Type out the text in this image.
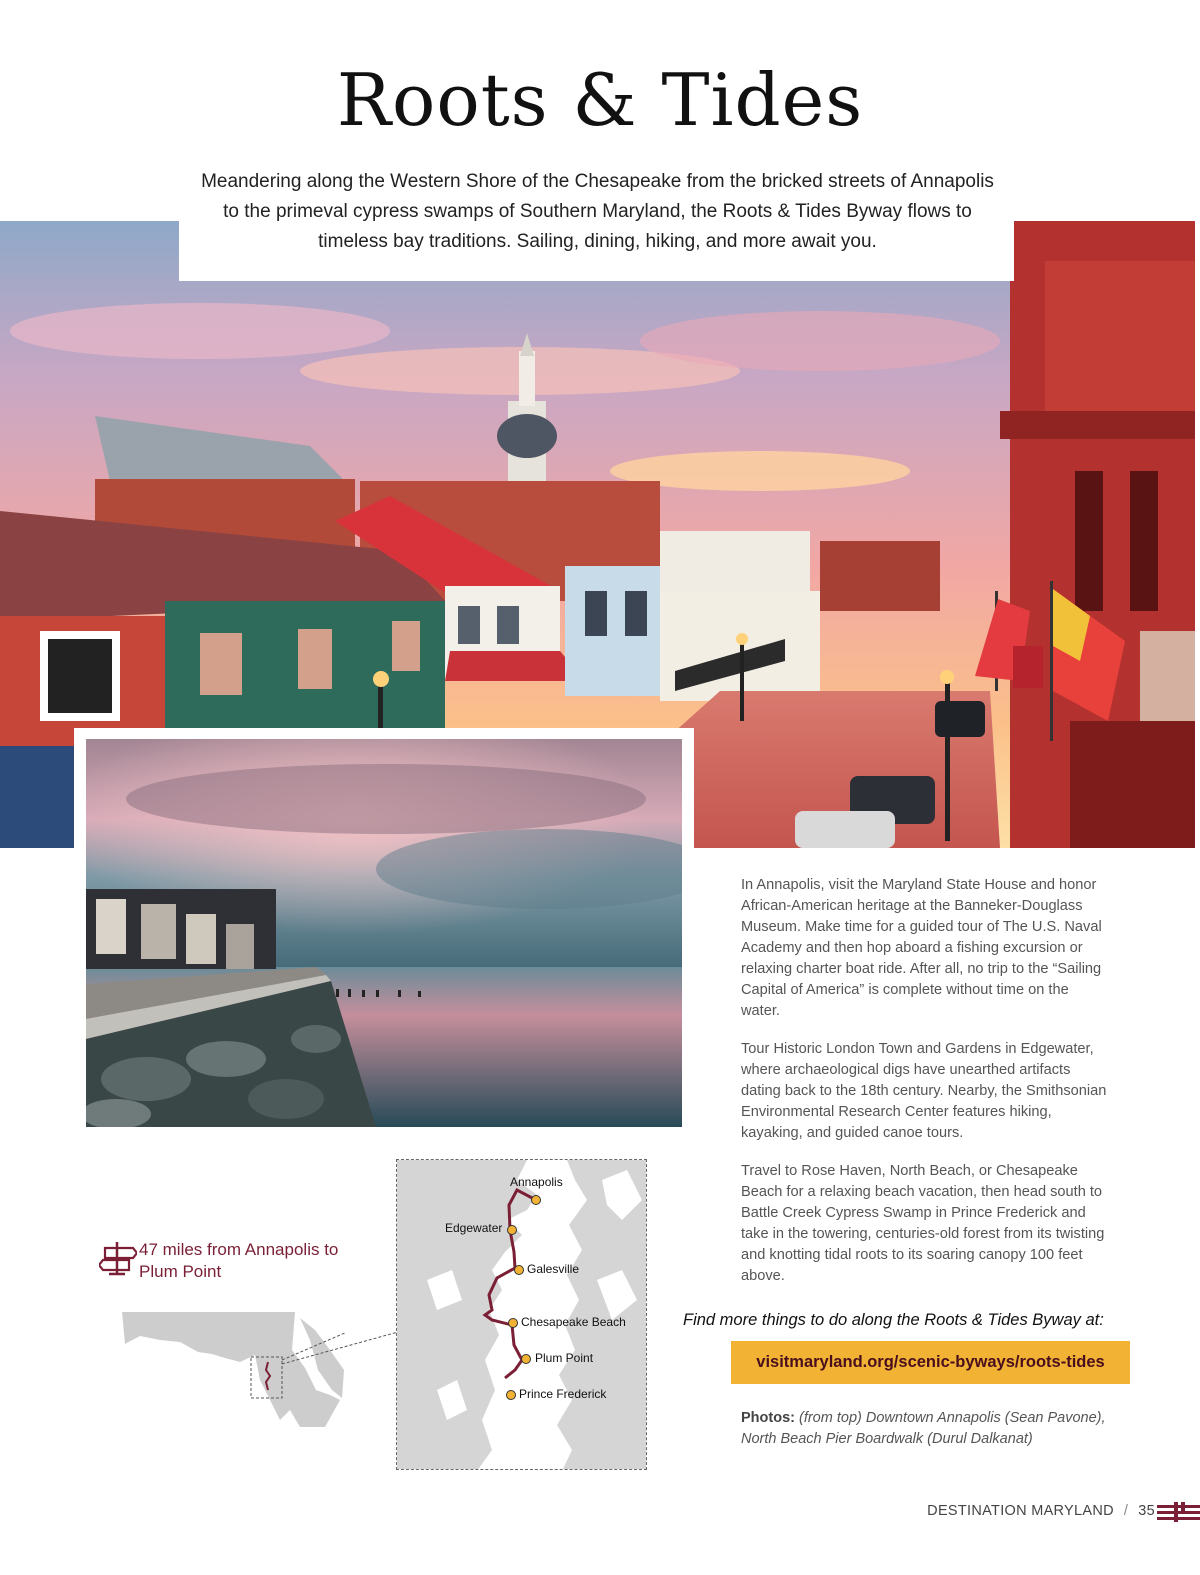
Roots & Tides
Meandering along the Western Shore of the Chesapeake from the bricked streets of Annapolis to the primeval cypress swamps of Southern Maryland, the Roots & Tides Byway flows to timeless bay traditions. Sailing, dining, hiking, and more await you.

In Annapolis, visit the Maryland State House and honor African-American heritage at the Banneker-Douglass Museum. Make time for a guided tour of The U.S. Naval Academy and then hop aboard a fishing excursion or relaxing charter boat ride. After all, no trip to the “Sailing Capital of America” is complete without time on the water.

Tour Historic London Town and Gardens in Edgewater, where archaeological digs have unearthed artifacts dating back to the 18th century. Nearby, the Smithsonian Environmental Research Center features hiking, kayaking, and guided canoe tours.

Travel to Rose Haven, North Beach, or Chesapeake Beach for a relaxing beach vacation, then head south to Battle Creek Cypress Swamp in Prince Frederick and take in the towering, centuries-old forest from its twisting and knotting tidal roots to its soaring canopy 100 feet above.

47 miles from Annapolis to Plum Point
Annapolis
Edgewater
Galesville
Chesapeake Beach
Plum Point
Prince Frederick
Find more things to do along the Roots & Tides Byway at:
visitmaryland.org/scenic-byways/roots-tides
Photos: (from top) Downtown Annapolis (Sean Pavone), North Beach Pier Boardwalk (Durul Dalkanat)
DESTINATION MARYLAND / 35
